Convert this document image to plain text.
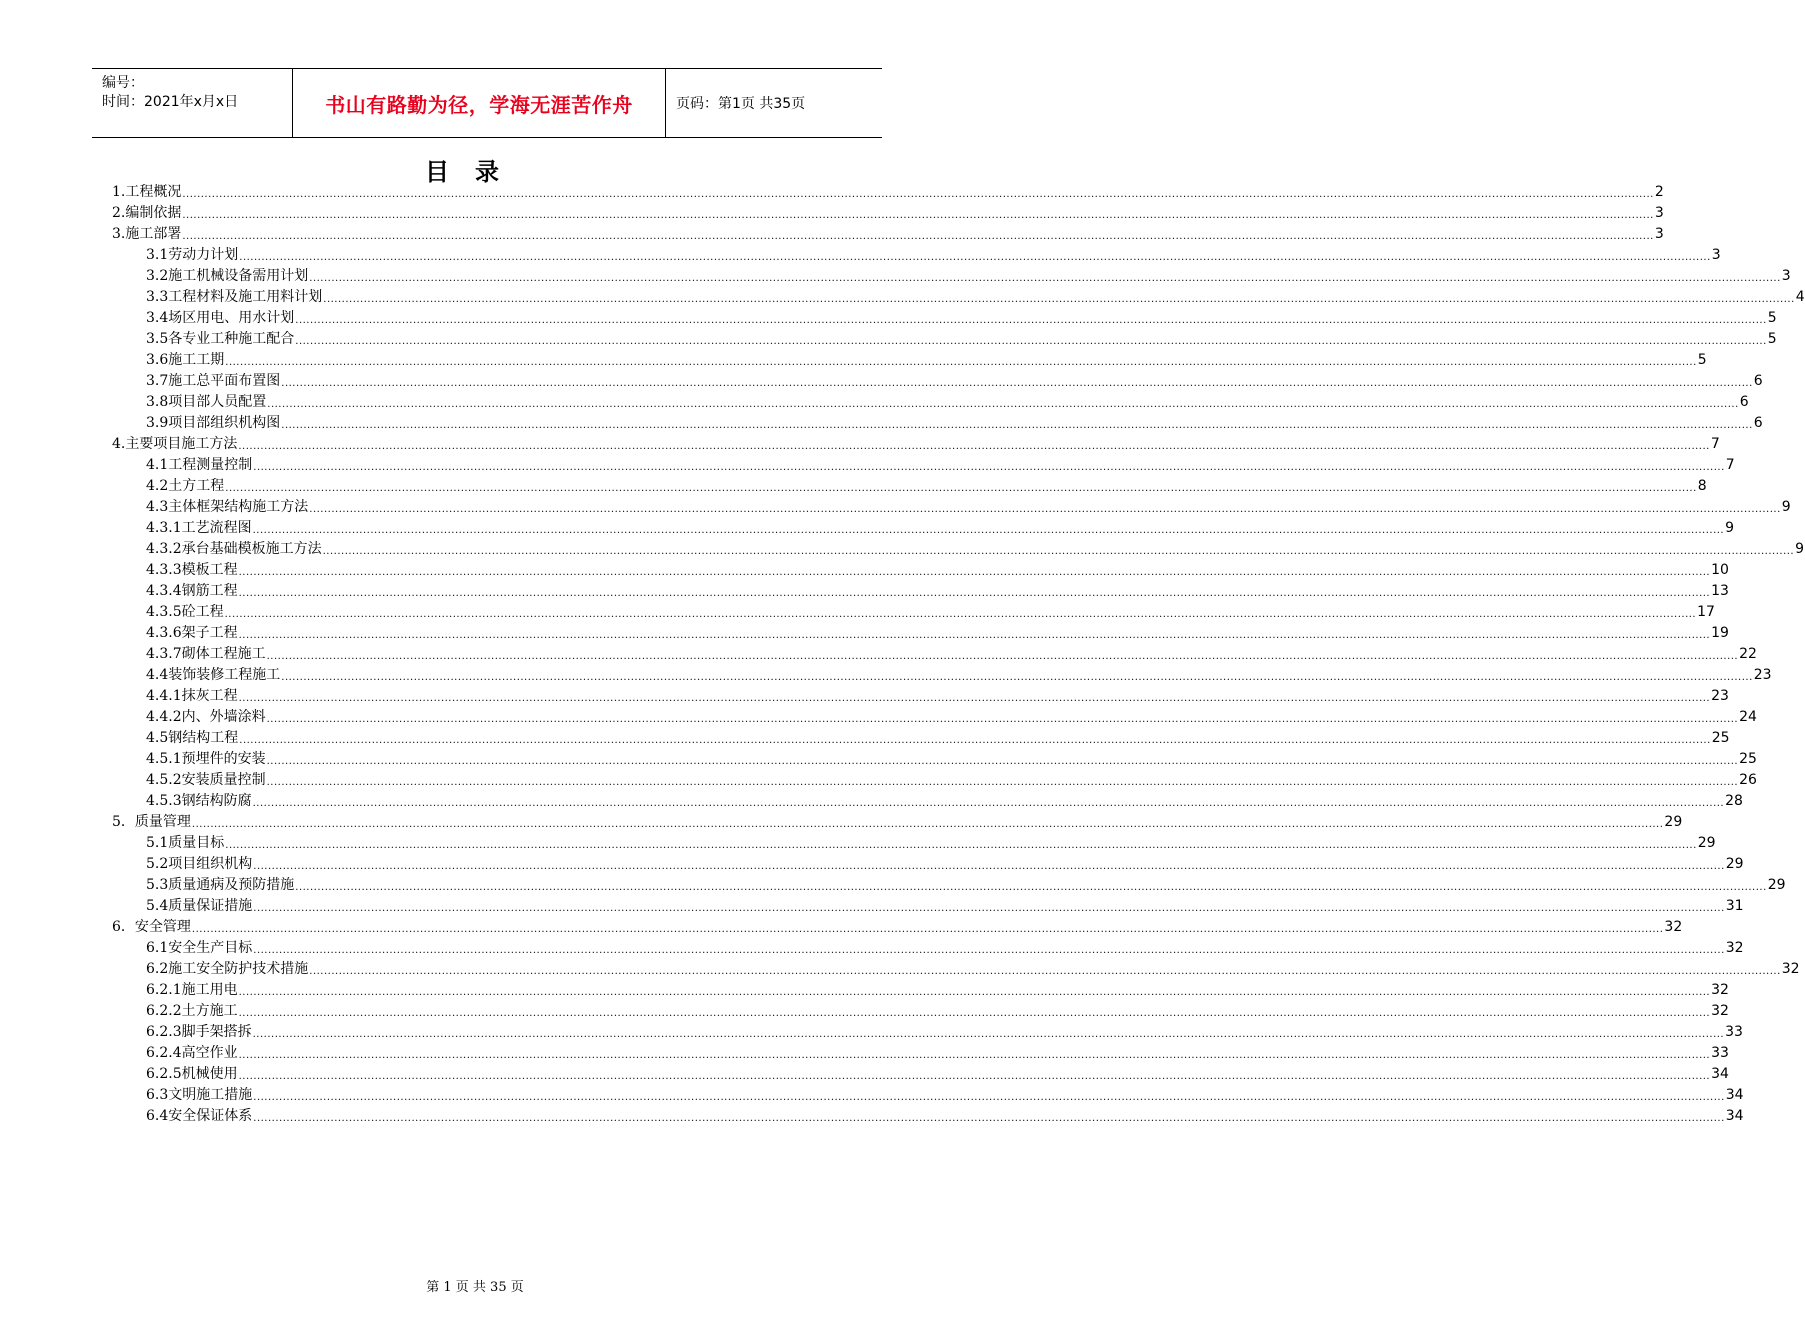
编号：
时间：2021年x月x日	书山有路勤为径，学海无涯苦作舟	页码：第1页 共35页
目录
1.工程概况 ................................................................................................................................................................................................................................................................................................................................................................................................................ 2
2.编制依据 ................................................................................................................................................................................................................................................................................................................................................................................................................ 3
3.施工部署 ................................................................................................................................................................................................................................................................................................................................................................................................................ 3
3.1劳动力计划 ................................................................................................................................................................................................................................................................................................................................................................................................................ 3
3.2施工机械设备需用计划 ................................................................................................................................................................................................................................................................................................................................................................................................................ 3
3.3工程材料及施工用料计划 ................................................................................................................................................................................................................................................................................................................................................................................................................ 4
3.4场区用电、用水计划 ................................................................................................................................................................................................................................................................................................................................................................................................................ 5
3.5各专业工种施工配合 ................................................................................................................................................................................................................................................................................................................................................................................................................ 5
3.6施工工期 ................................................................................................................................................................................................................................................................................................................................................................................................................ 5
3.7施工总平面布置图 ................................................................................................................................................................................................................................................................................................................................................................................................................ 6
3.8项目部人员配置 ................................................................................................................................................................................................................................................................................................................................................................................................................ 6
3.9项目部组织机构图 ................................................................................................................................................................................................................................................................................................................................................................................................................ 6
4.主要项目施工方法 ................................................................................................................................................................................................................................................................................................................................................................................................................ 7
4.1工程测量控制 ................................................................................................................................................................................................................................................................................................................................................................................................................ 7
4.2土方工程 ................................................................................................................................................................................................................................................................................................................................................................................................................ 8
4.3主体框架结构施工方法 ................................................................................................................................................................................................................................................................................................................................................................................................................ 9
4.3.1工艺流程图 ................................................................................................................................................................................................................................................................................................................................................................................................................ 9
4.3.2承台基础模板施工方法 ................................................................................................................................................................................................................................................................................................................................................................................................................ 9
4.3.3模板工程 ................................................................................................................................................................................................................................................................................................................................................................................................................ 10
4.3.4钢筋工程 ................................................................................................................................................................................................................................................................................................................................................................................................................ 13
4.3.5砼工程 ................................................................................................................................................................................................................................................................................................................................................................................................................ 17
4.3.6架子工程 ................................................................................................................................................................................................................................................................................................................................................................................................................ 19
4.3.7砌体工程施工 ................................................................................................................................................................................................................................................................................................................................................................................................................ 22
4.4装饰装修工程施工 ................................................................................................................................................................................................................................................................................................................................................................................................................ 23
4.4.1抹灰工程 ................................................................................................................................................................................................................................................................................................................................................................................................................ 23
4.4.2内、外墙涂料 ................................................................................................................................................................................................................................................................................................................................................................................................................ 24
4.5钢结构工程 ................................................................................................................................................................................................................................................................................................................................................................................................................ 25
4.5.1预埋件的安装 ................................................................................................................................................................................................................................................................................................................................................................................................................ 25
4.5.2安装质量控制 ................................................................................................................................................................................................................................................................................................................................................................................................................ 26
4.5.3钢结构防腐 ................................................................................................................................................................................................................................................................................................................................................................................................................ 28
5．质量管理 ................................................................................................................................................................................................................................................................................................................................................................................................................ 29
5.1质量目标 ................................................................................................................................................................................................................................................................................................................................................................................................................ 29
5.2项目组织机构 ................................................................................................................................................................................................................................................................................................................................................................................................................ 29
5.3质量通病及预防措施 ................................................................................................................................................................................................................................................................................................................................................................................................................ 29
5.4质量保证措施 ................................................................................................................................................................................................................................................................................................................................................................................................................ 31
6．安全管理 ................................................................................................................................................................................................................................................................................................................................................................................................................ 32
6.1安全生产目标 ................................................................................................................................................................................................................................................................................................................................................................................................................ 32
6.2施工安全防护技术措施 ................................................................................................................................................................................................................................................................................................................................................................................................................ 32
6.2.1施工用电 ................................................................................................................................................................................................................................................................................................................................................................................................................ 32
6.2.2土方施工 ................................................................................................................................................................................................................................................................................................................................................................................................................ 32
6.2.3脚手架搭拆 ................................................................................................................................................................................................................................................................................................................................................................................................................ 33
6.2.4高空作业 ................................................................................................................................................................................................................................................................................................................................................................................................................ 33
6.2.5机械使用 ................................................................................................................................................................................................................................................................................................................................................................................................................ 34
6.3文明施工措施 ................................................................................................................................................................................................................................................................................................................................................................................................................ 34
6.4安全保证体系 ................................................................................................................................................................................................................................................................................................................................................................................................................ 34
第 1 页 共 35 页
